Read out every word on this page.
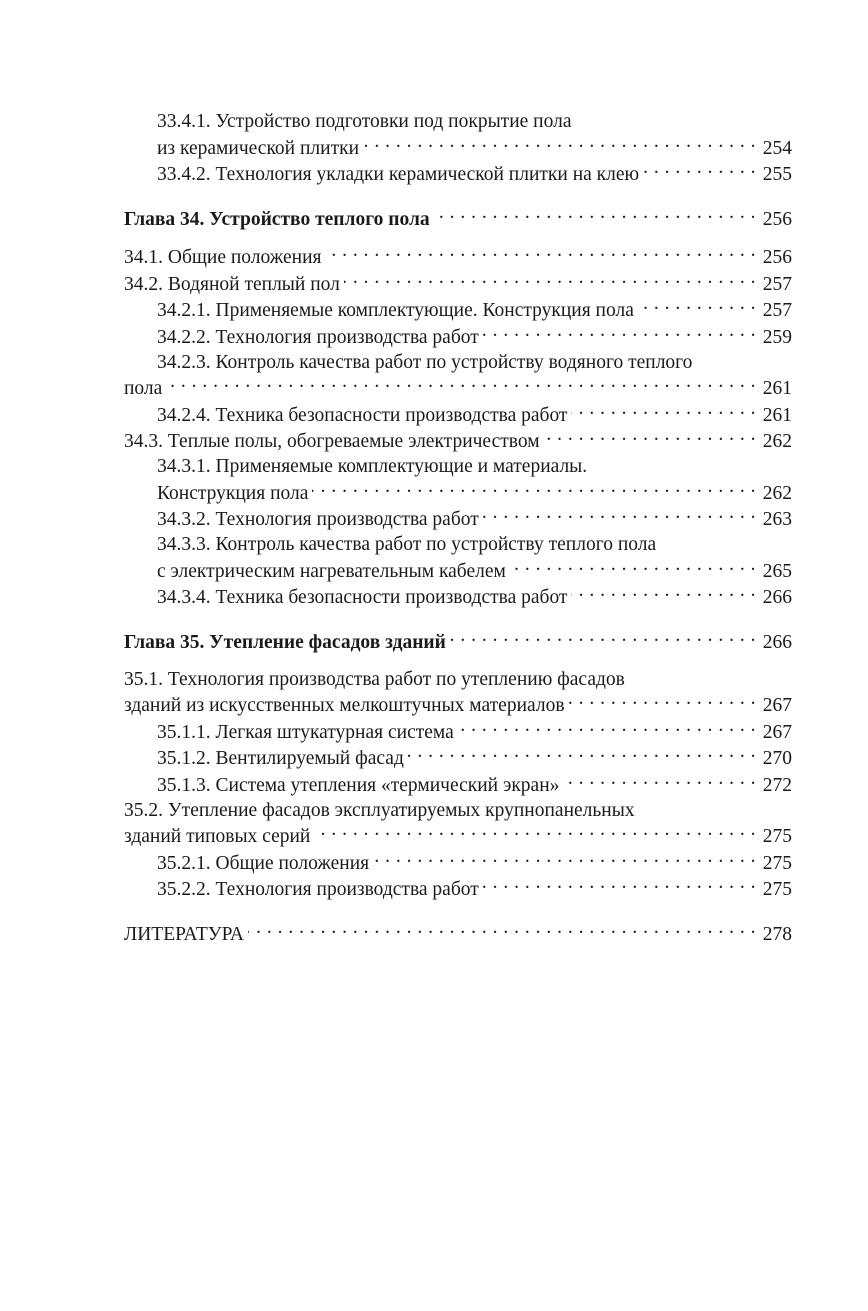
33.4.1. Устройство подготовки под покрытие пола
из керамической плитки . . .	254
33.4.2. Технология укладки керамической плитки на клею . . .	255
Глава 34. Устройство теплого пола . . .	256
34.1. Общие положения . . .	256
34.2. Водяной теплый пол . . .	257
34.2.1. Применяемые комплектующие. Конструкция пола . . .	257
34.2.2. Технология производства работ . . .	259
34.2.3. Контроль качества работ по устройству водяного теплого
пола . . .	261
34.2.4. Техника безопасности производства работ . . .	261
34.3. Теплые полы, обогреваемые электричеством . . .	262
34.3.1. Применяемые комплектующие и материалы.
Конструкция пола . . .	262
34.3.2. Технология производства работ . . .	263
34.3.3. Контроль качества работ по устройству теплого пола
с электрическим нагревательным кабелем . . .	265
34.3.4. Техника безопасности производства работ . . .	266
Глава 35. Утепление фасадов зданий . . .	266
35.1. Технология производства работ по утеплению фасадов
зданий из искусственных мелкоштучных материалов . . .	267
35.1.1. Легкая штукатурная система . . .	267
35.1.2. Вентилируемый фасад . . .	270
35.1.3. Система утепления «термический экран» . . .	272
35.2. Утепление фасадов эксплуатируемых крупнопанельных
зданий типовых серий . . .	275
35.2.1. Общие положения . . .	275
35.2.2. Технология производства работ . . .	275
ЛИТЕРАТУРА . . .	278
